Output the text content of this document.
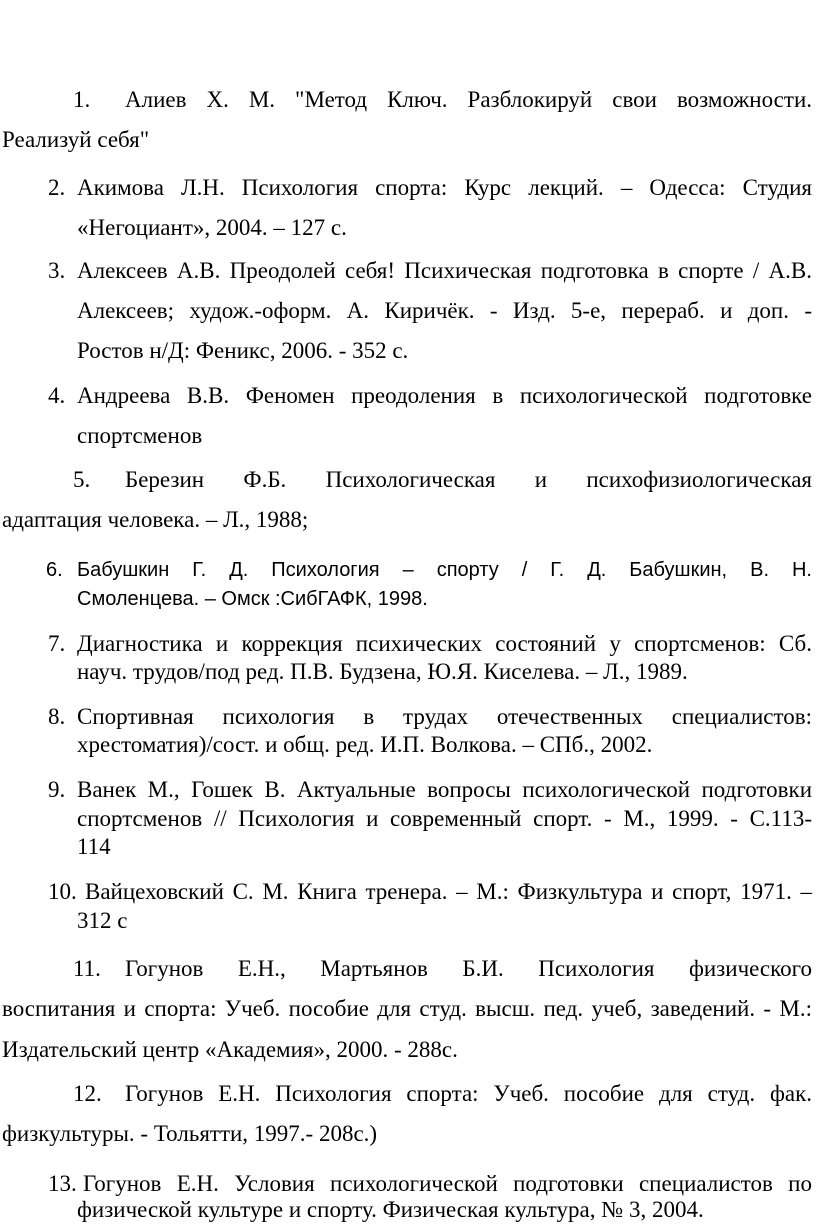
1. Алиев Х. М. "Метод Ключ. Разблокируй свои возможности.
Реализуй себя"
2. Акимова Л.Н. Психология спорта: Курс лекций. – Одесса: Студия
«Негоциант», 2004. – 127 с.
3. Алексеев А.В. Преодолей себя! Психическая подготовка в спорте / А.В.
Алексеев; худож.-оформ. А. Киричёк. - Изд. 5-е, перераб. и доп. -
Ростов н/Д: Феникс, 2006. - 352 с.
4. Андреева В.В. Феномен преодоления в психологической подготовке
спортсменов
5. Березин Ф.Б. Психологическая и психофизиологическая
адаптация человека. – Л., 1988;
6. Бабушкин Г. Д. Психология – спорту / Г. Д. Бабушкин, В. Н.
Смоленцева. – Омск :СибГАФК, 1998.
7. Диагностика и коррекция психических состояний у спортсменов: Сб.
науч. трудов/под ред. П.В. Будзена, Ю.Я. Киселева. – Л., 1989.
8. Спортивная психология в трудах отечественных специалистов:
хрестоматия)/сост. и общ. ред. И.П. Волкова. – СПб., 2002.
9. Ванек М., Гошек В. Актуальные вопросы психологической подготовки
спортсменов // Психология и современный спорт. - М., 1999. - С.113-
114
10. Вайцеховский С. М. Книга тренера. – М.: Физкультура и спорт, 1971. –
312 с
11. Гогунов Е.Н., Мартьянов Б.И. Психология физического
воспитания и спорта: Учеб. пособие для студ. высш. пед. учеб, заведений. - М.:
Издательский центр «Академия», 2000. - 288с.
12. Гогунов Е.Н. Психология спорта: Учеб. пособие для студ. фак.
физкультуры. - Тольятти, 1997.- 208с.)
13. Гогунов Е.Н. Условия психологической подготовки специалистов по
физической культуре и спорту. Физическая культура, № 3, 2004.
